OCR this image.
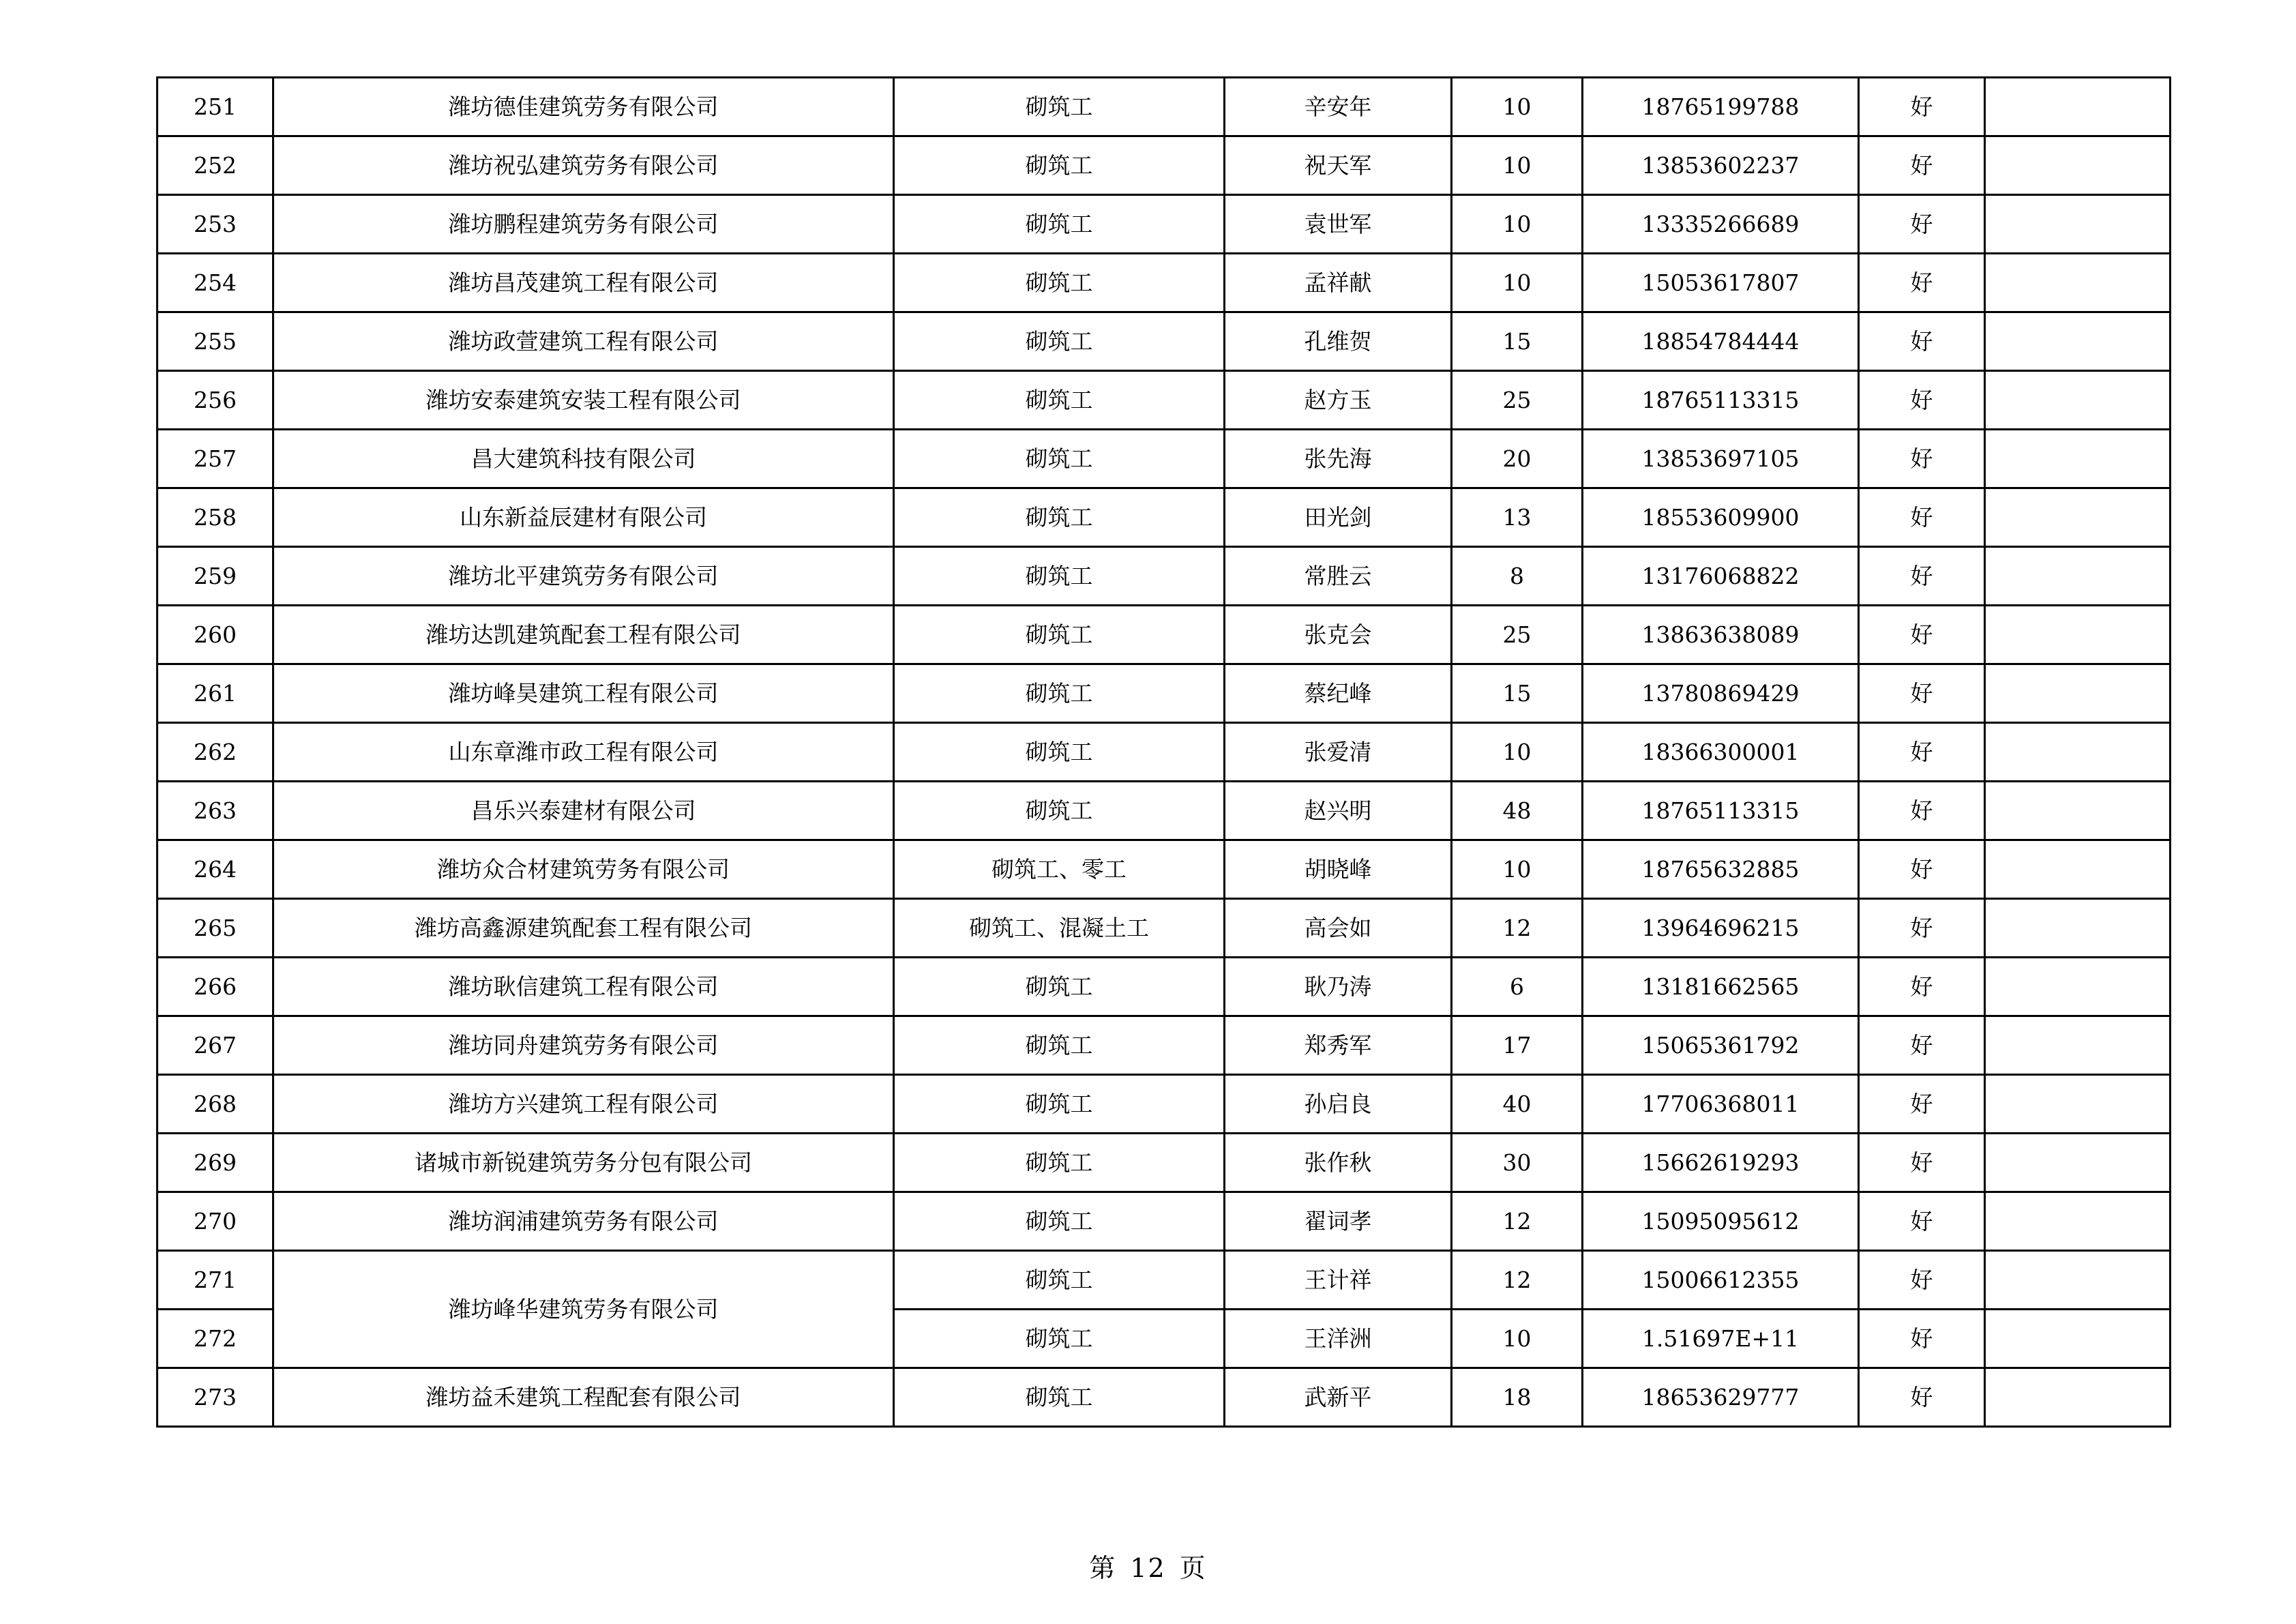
251	潍坊德佳建筑劳务有限公司	砌筑工	辛安年	10	18765199788	好	
252	潍坊祝弘建筑劳务有限公司	砌筑工	祝天军	10	13853602237	好	
253	潍坊鹏程建筑劳务有限公司	砌筑工	袁世军	10	13335266689	好	
254	潍坊昌茂建筑工程有限公司	砌筑工	孟祥献	10	15053617807	好	
255	潍坊政萱建筑工程有限公司	砌筑工	孔维贺	15	18854784444	好	
256	潍坊安泰建筑安装工程有限公司	砌筑工	赵方玉	25	18765113315	好	
257	昌大建筑科技有限公司	砌筑工	张先海	20	13853697105	好	
258	山东新益辰建材有限公司	砌筑工	田光剑	13	18553609900	好	
259	潍坊北平建筑劳务有限公司	砌筑工	常胜云	8	13176068822	好	
260	潍坊达凯建筑配套工程有限公司	砌筑工	张克会	25	13863638089	好	
261	潍坊峰昊建筑工程有限公司	砌筑工	蔡纪峰	15	13780869429	好	
262	山东章潍市政工程有限公司	砌筑工	张爱清	10	18366300001	好	
263	昌乐兴泰建材有限公司	砌筑工	赵兴明	48	18765113315	好	
264	潍坊众合材建筑劳务有限公司	砌筑工、零工	胡晓峰	10	18765632885	好	
265	潍坊高鑫源建筑配套工程有限公司	砌筑工、混凝土工	高会如	12	13964696215	好	
266	潍坊耿信建筑工程有限公司	砌筑工	耿乃涛	6	13181662565	好	
267	潍坊同舟建筑劳务有限公司	砌筑工	郑秀军	17	15065361792	好	
268	潍坊方兴建筑工程有限公司	砌筑工	孙启良	40	17706368011	好	
269	诸城市新锐建筑劳务分包有限公司	砌筑工	张作秋	30	15662619293	好	
270	潍坊润浦建筑劳务有限公司	砌筑工	翟词孝	12	15095095612	好	
271	潍坊峰华建筑劳务有限公司	砌筑工	王计祥	12	15006612355	好	
272		砌筑工	王洋洲	10	1.51697E+11	好	
273	潍坊益禾建筑工程配套有限公司	砌筑工	武新平	18	18653629777	好	
第 12 页
